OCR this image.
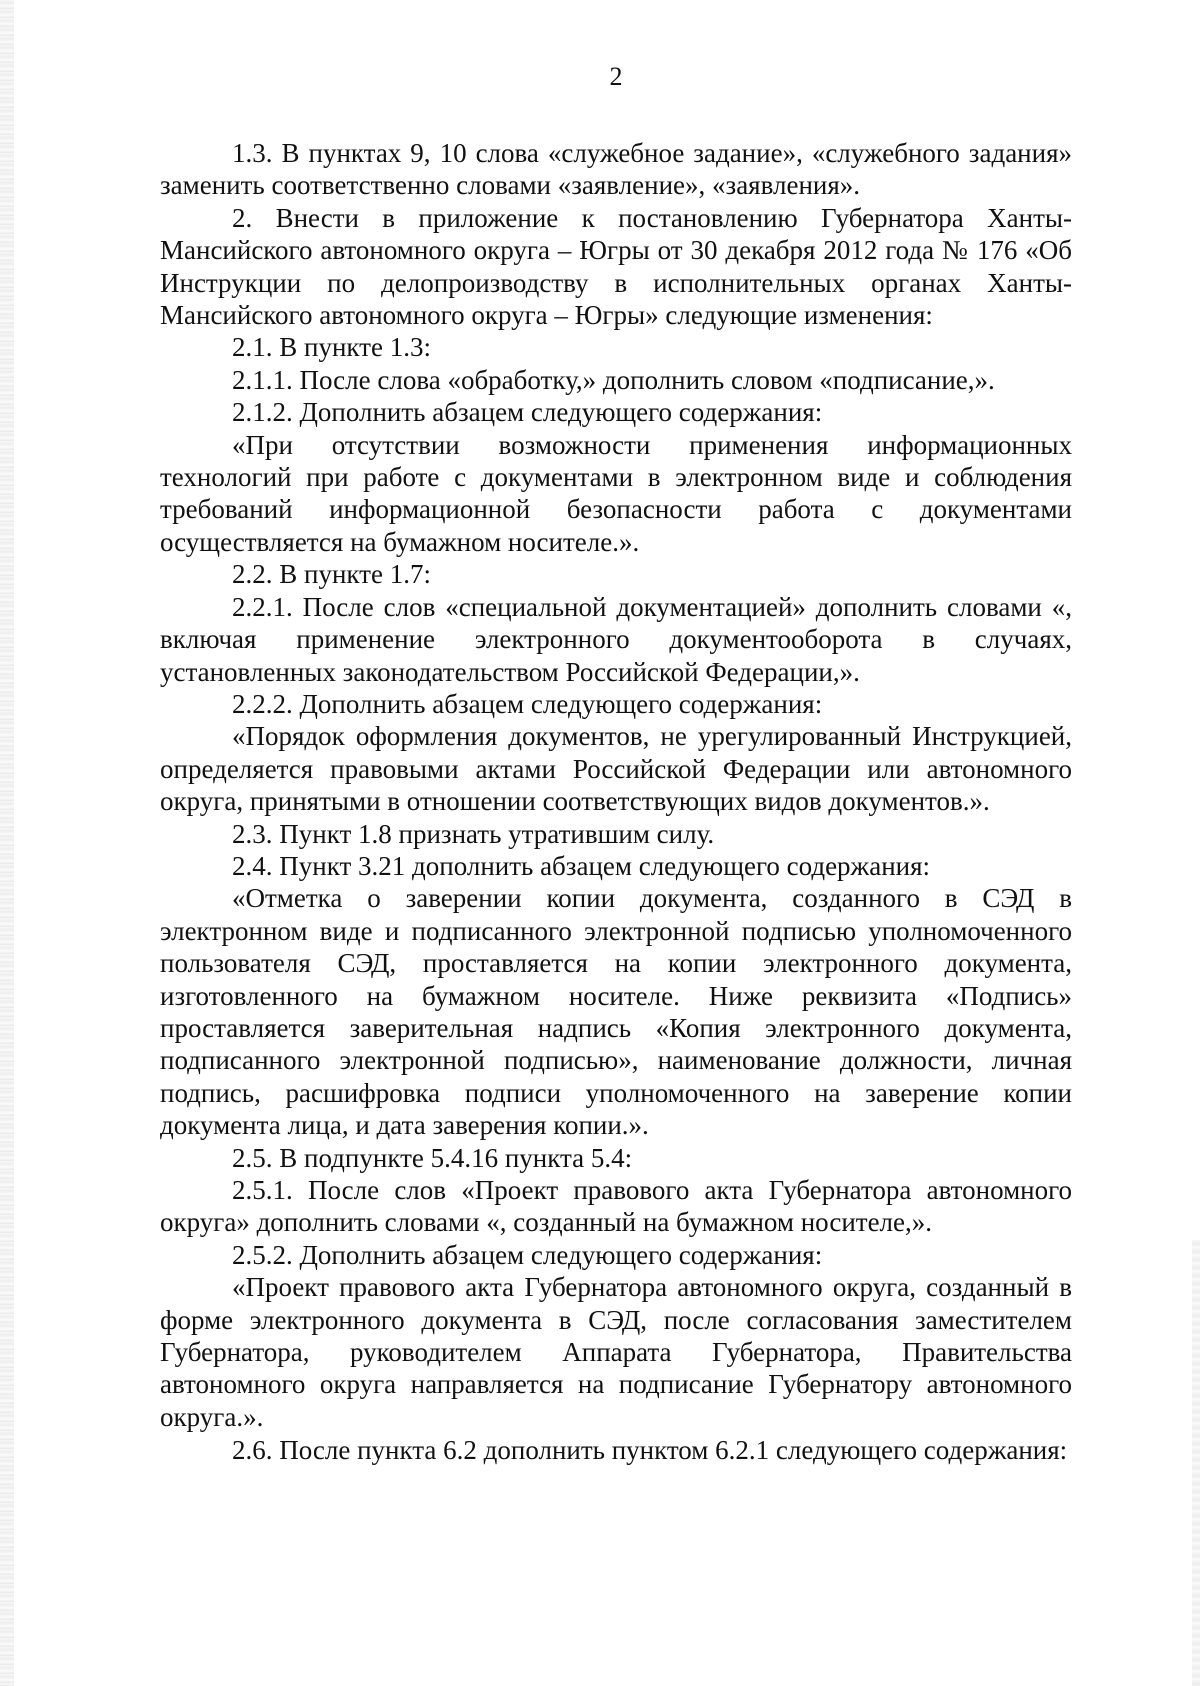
2

1.3. В пунктах 9, 10 слова «служебное задание», «служебного задания» заменить соответственно словами «заявление», «заявления».

2. Внести в приложение к постановлению Губернатора Ханты-Мансийского автономного округа – Югры от 30 декабря 2012 года № 176 «Об Инструкции по делопроизводству в исполнительных органах Ханты-Мансийского автономного округа – Югры» следующие изменения:

2.1. В пункте 1.3:

2.1.1. После слова «обработку,» дополнить словом «подписание,».

2.1.2. Дополнить абзацем следующего содержания:

«При отсутствии возможности применения информационных технологий при работе с документами в электронном виде и соблюдения требований информационной безопасности работа с документами осуществляется на бумажном носителе.».

2.2. В пункте 1.7:

2.2.1. После слов «специальной документацией» дополнить словами «, включая применение электронного документооборота в случаях, установленных законодательством Российской Федерации,».

2.2.2. Дополнить абзацем следующего содержания:

«Порядок оформления документов, не урегулированный Инструкцией, определяется правовыми актами Российской Федерации или автономного округа, принятыми в отношении соответствующих видов документов.».

2.3. Пункт 1.8 признать утратившим силу.

2.4. Пункт 3.21 дополнить абзацем следующего содержания:

«Отметка о заверении копии документа, созданного в СЭД в электронном виде и подписанного электронной подписью уполномоченного пользователя СЭД, проставляется на копии электронного документа, изготовленного на бумажном носителе. Ниже реквизита «Подпись» проставляется заверительная надпись «Копия электронного документа, подписанного электронной подписью», наименование должности, личная подпись, расшифровка подписи уполномоченного на заверение копии документа лица, и дата заверения копии.».

2.5. В подпункте 5.4.16 пункта 5.4:

2.5.1. После слов «Проект правового акта Губернатора автономного округа» дополнить словами «, созданный на бумажном носителе,».

2.5.2. Дополнить абзацем следующего содержания:

«Проект правового акта Губернатора автономного округа, созданный в форме электронного документа в СЭД, после согласования заместителем Губернатора, руководителем Аппарата Губернатора, Правительства автономного округа направляется на подписание Губернатору автономного округа.».

2.6. После пункта 6.2 дополнить пунктом 6.2.1 следующего содержания:
